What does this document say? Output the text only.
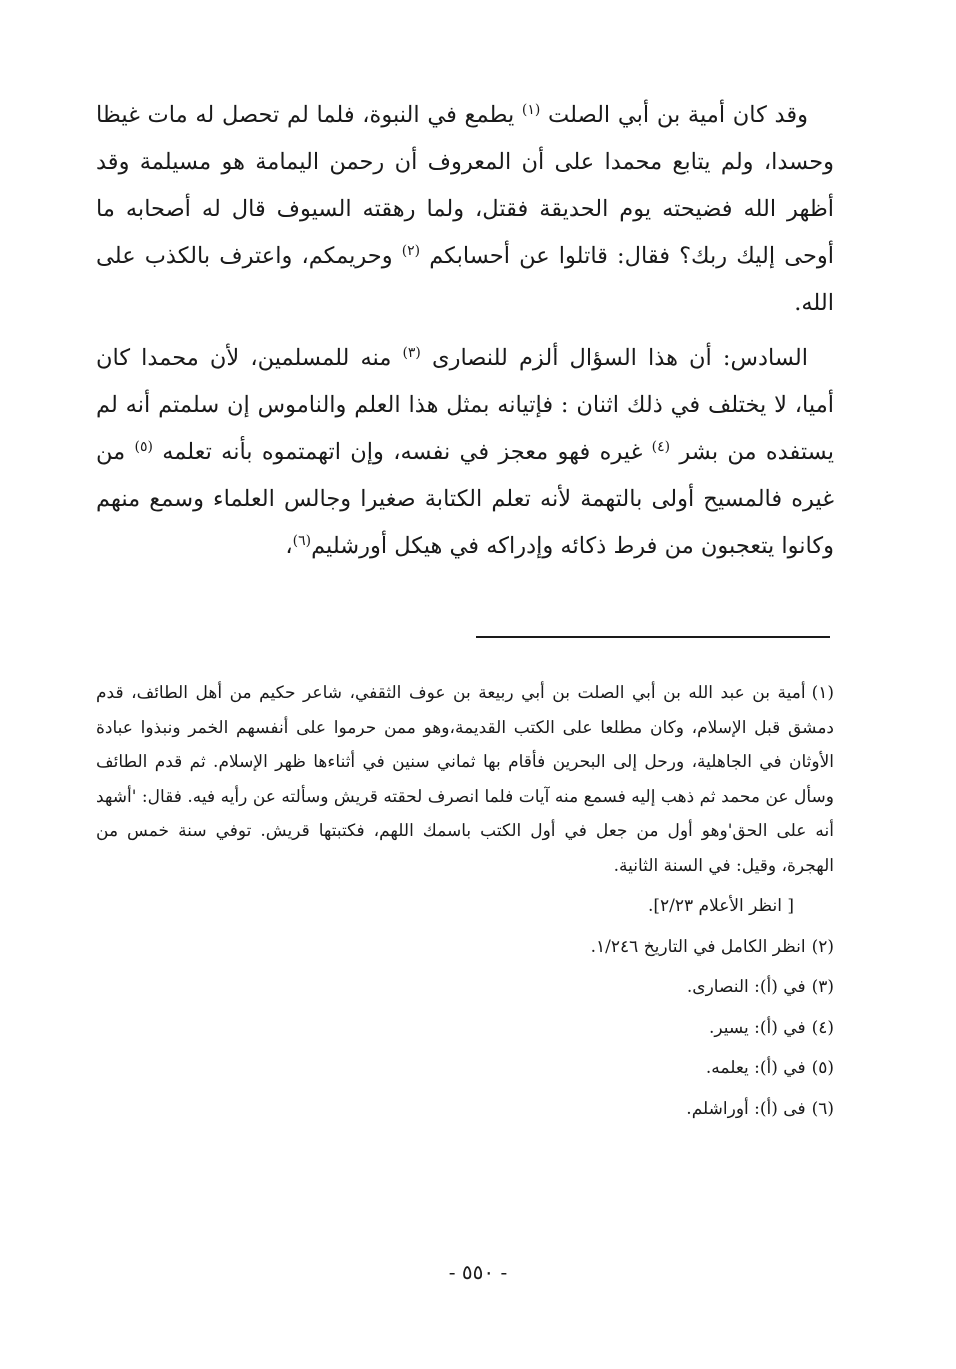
وقد كان أمية بن أبي الصلت $^{(١)}$ يطمع في النبوة، فلما لم تحصل له مات غيظا وحسدا، ولم يتابع محمدا على أن المعروف أن رحمن اليمامة هو مسيلمة وقد أظهر الله فضيحته يوم الحديقة فقتل، ولما رهقته السيوف قال له أصحابه ما أوحى إليك ربك؟ فقال: قاتلوا عن أحسابكم $^{(٢)}$ وحريمكم، واعترف بالكذب على الله.

السادس: أن هذا السؤال ألزم للنصارى $^{(٣)}$ منه للمسلمين، لأن محمدا كان أميا، لا يختلف في ذلك اثنان : فإتيانه بمثل هذا العلم والناموس إن سلمتم أنه لم يستفده من بشر $^{(٤)}$ غيره فهو معجز في نفسه، وإن اتهمتموه بأنه تعلمه $^{(٥)}$ من غيره فالمسيح أولى بالتهمة لأنه تعلم الكتابة صغيرا وجالس العلماء وسمع منهم وكانوا يتعجبون من فرط ذكائه وإدراكه في هيكل أورشليم$^{(٦)}$،

(١)أمية بن عبد الله بن أبي الصلت بن أبي ربيعة بن عوف الثقفي، شاعر حكيم من أهل الطائف، قدم دمشق قبل الإسلام، وكان مطلعا على الكتب القديمة،وهو ممن حرموا على أنفسهم الخمر ونبذوا عبادة الأوثان في الجاهلية، ورحل إلى البحرين فأقام بها ثماني سنين في أثناءها ظهر الإسلام. ثم قدم الطائف وسأل عن محمد ثم ذهب إليه فسمع منه آيات فلما انصرف لحقته قريش وسألته عن رأيه فيه. فقال: 'أشهد أنه على الحق'وهو أول من جعل في أول الكتب باسمك اللهم، فكتبتها قريش. توفي سنة خمس من الهجرة، وقيل: في السنة الثانية.

[ انظر الأعلام ٢/٢٣].

(٢)انظر الكامل في التاريخ ١/٢٤٦.

(٣)في (أ): النصارى.

(٤)في (أ): يسير.

(٥)في (أ): يعلمه.

(٦)فى (أ): أوراشلم.

- ٥٥٠ -
